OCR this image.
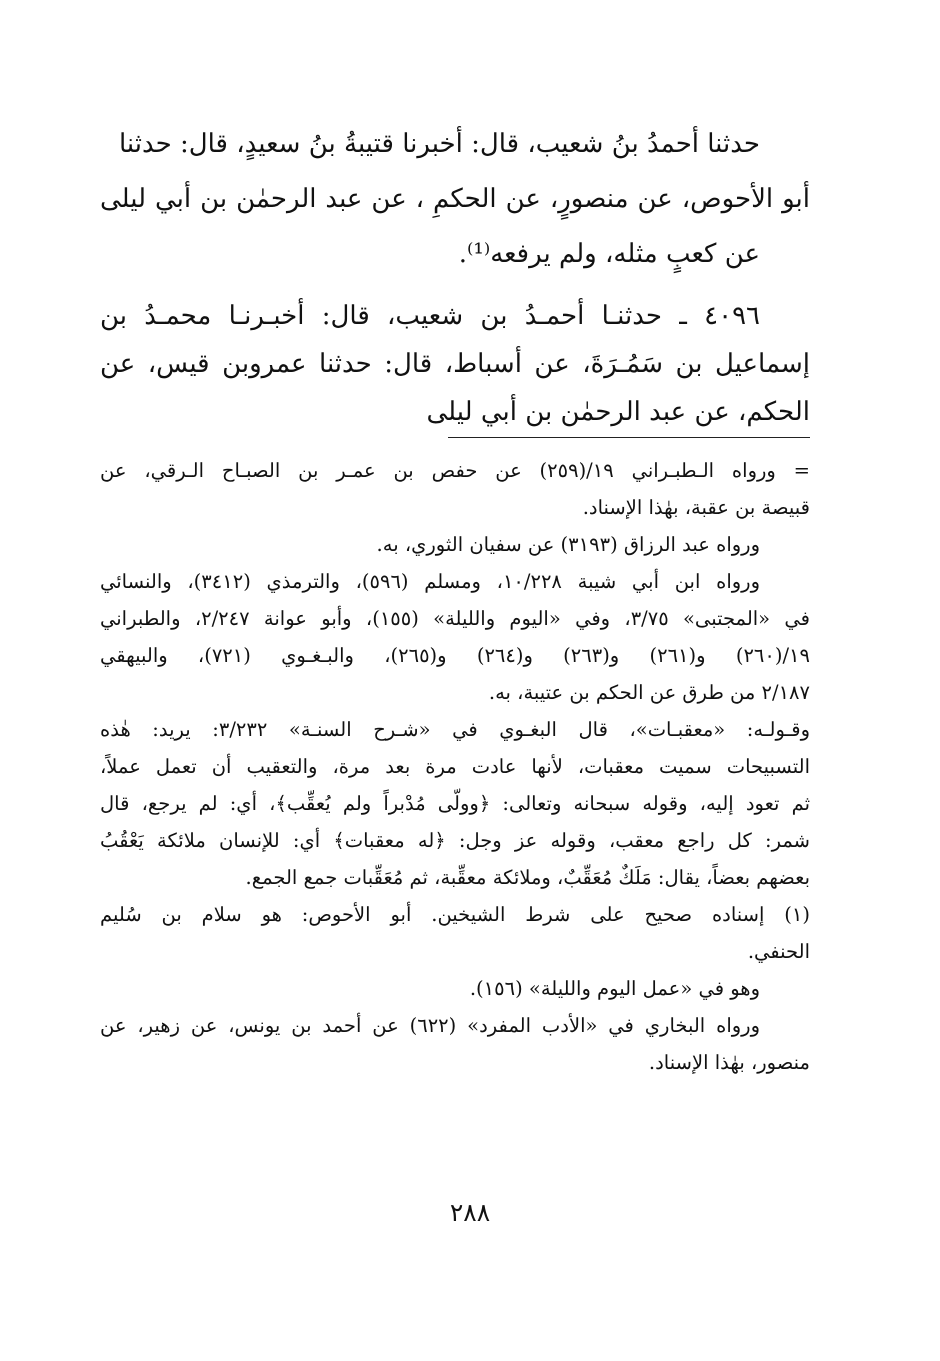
حدثنا أحمدُ بنُ شعيب، قال: أخبرنا قتيبةُ بنُ سعيدٍ، قال: حدثنا
أبو الأحوص، عن منصورٍ، عن الحكمِ ، عن عبد الرحمٰن بن أبي ليلى
عن كعبٍ مثله، ولم يرفعه⁽¹⁾.
٤٠٩٦ ـ حدثنـا أحمـدُ بن شعيب، قال: أخبـرنـا محمـدُ بن
إسماعيل بن سَمُـرَةَ، عن أسباط، قال: حدثنا عمروبن قيس، عن
الحكم، عن عبد الرحمٰن بن أبي ليلى
= ورواه الـطبـراني ١٩/(٢٥٩) عن حفص بن عمـر بن الصبـاح الـرقي، عن
قبيصة بن عقبة، بهٰذا الإسناد.
ورواه عبد الرزاق (٣١٩٣) عن سفيان الثوري، به.
ورواه ابن أبي شيبة ١٠/٢٢٨، ومسلم (٥٩٦)، والترمذي (٣٤١٢)، والنسائي
في «المجتبى» ٣/٧٥، وفي «اليوم والليلة» (١٥٥)، وأبو عوانة ٢/٢٤٧، والطبراني
١٩/(٢٦٠) و(٢٦١) و(٢٦٣) و(٢٦٤) و(٢٦٥)، والبـغـوي (٧٢١)، والبيهقي
٢/١٨٧ من طرق عن الحكم بن عتيبة، به.
وقـولـه: «معقبـات»، قال البغـوي في «شـرح السنـة» ٣/٢٣٢: يريد: هٰذه
التسبيحات سميت معقبات، لأنها عادت مرة بعد مرة، والتعقيب أن تعمل عملاً،
ثم تعود إليه، وقوله سبحانه وتعالى: ﴿وولّى مُدْبراً ولم يُعقِّب﴾، أي: لم يرجع، قال
شمر: كل راجع معقب، وقوله عز وجل: ﴿له معقبات﴾ أي: للإنسان ملائكة يَعْقُبُ
بعضهم بعضاً، يقال: مَلَكٌ مُعَقِّبٌ، وملائكة معقِّبة، ثم مُعَقِّبات جمع الجمع.
(١) إسناده صحيح على شرط الشيخين. أبو الأحوص: هو سلام بن سُليم
الحنفي.
وهو في «عمل اليوم والليلة» (١٥٦).
ورواه البخاري في «الأدب المفرد» (٦٢٢) عن أحمد بن يونس، عن زهير، عن
منصور، بهٰذا الإسناد.
٢٨٨
